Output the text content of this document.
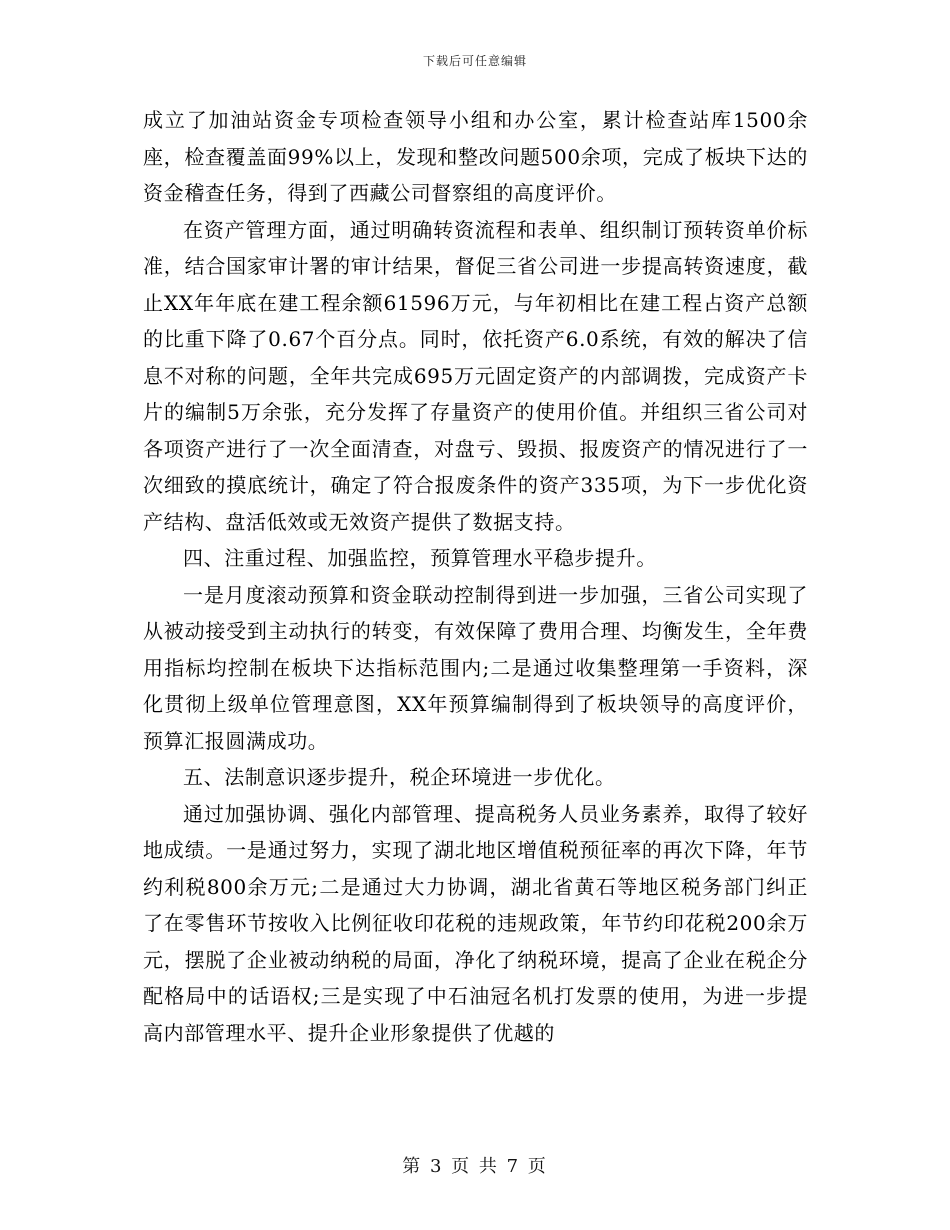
下载后可任意编辑

成立了加油站资金专项检查领导小组和办公室，累计检查站库1500余座，检查覆盖面99%以上，发现和整改问题500余项，完成了板块下达的资金稽查任务，得到了西藏公司督察组的高度评价。

在资产管理方面，通过明确转资流程和表单、组织制订预转资单价标准，结合国家审计署的审计结果，督促三省公司进一步提高转资速度，截止XX年年底在建工程余额61596万元，与年初相比在建工程占资产总额的比重下降了0.67个百分点。同时，依托资产6.0系统，有效的解决了信息不对称的问题，全年共完成695万元固定资产的内部调拨，完成资产卡片的编制5万余张，充分发挥了存量资产的使用价值。并组织三省公司对各项资产进行了一次全面清查，对盘亏、毁损、报废资产的情况进行了一次细致的摸底统计，确定了符合报废条件的资产335项，为下一步优化资产结构、盘活低效或无效资产提供了数据支持。

四、注重过程、加强监控，预算管理水平稳步提升。

一是月度滚动预算和资金联动控制得到进一步加强，三省公司实现了从被动接受到主动执行的转变，有效保障了费用合理、均衡发生，全年费用指标均控制在板块下达指标范围内;二是通过收集整理第一手资料，深化贯彻上级单位管理意图，XX年预算编制得到了板块领导的高度评价，预算汇报圆满成功。

五、法制意识逐步提升，税企环境进一步优化。

通过加强协调、强化内部管理、提高税务人员业务素养，取得了较好地成绩。一是通过努力，实现了湖北地区增值税预征率的再次下降，年节约利税800余万元;二是通过大力协调，湖北省黄石等地区税务部门纠正了在零售环节按收入比例征收印花税的违规政策，年节约印花税200余万元，摆脱了企业被动纳税的局面，净化了纳税环境，提高了企业在税企分配格局中的话语权;三是实现了中石油冠名机打发票的使用，为进一步提高内部管理水平、提升企业形象提供了优越的

第 3 页 共 7 页
